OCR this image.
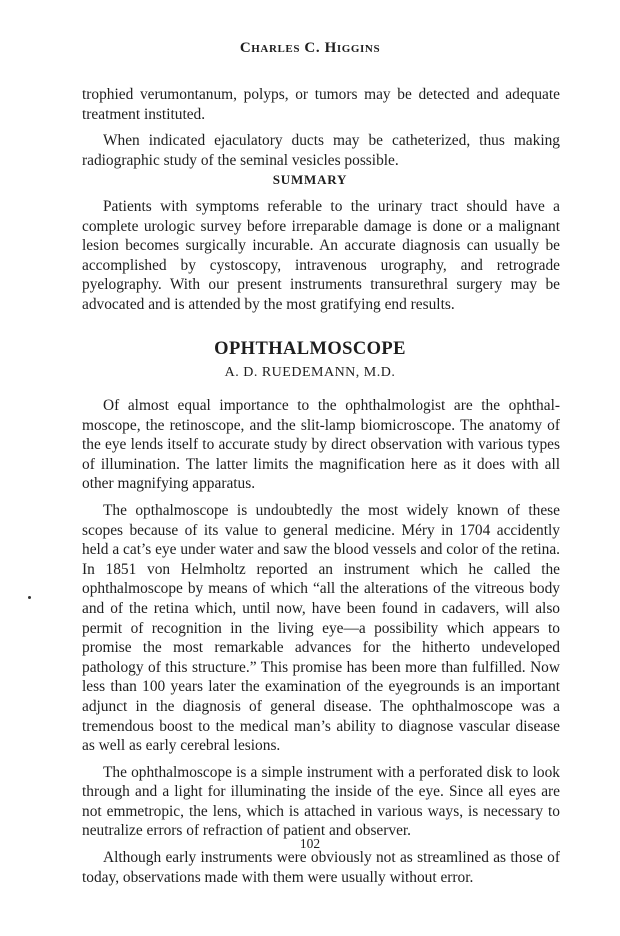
Charles C. Higgins

trophied verumontanum, polyps, or tumors may be detected and adequate treatment instituted.

When indicated ejaculatory ducts may be catheterized, thus making radiographic study of the seminal vesicles possible.

SUMMARY

Patients with symptoms referable to the urinary tract should have a complete urologic survey before irreparable damage is done or a malignant lesion becomes surgically incurable. An accurate diagnosis can usually be accomplished by cystoscopy, intravenous urography, and retrograde pyelography. With our present instruments transurethral surgery may be advocated and is attended by the most gratifying end results.

OPHTHALMOSCOPE
A. D. RUEDEMANN, M.D.

Of almost equal importance to the ophthalmologist are the ophthalmoscope, the retinoscope, and the slit-lamp biomicroscope. The anatomy of the eye lends itself to accurate study by direct observation with various types of illumination. The latter limits the magnification here as it does with all other magnifying apparatus.

The opthalmoscope is undoubtedly the most widely known of these scopes because of its value to general medicine. Méry in 1704 accidently held a cat’s eye under water and saw the blood vessels and color of the retina. In 1851 von Helmholtz reported an instrument which he called the ophthalmoscope by means of which “all the alterations of the vitreous body and of the retina which, until now, have been found in cadavers, will also permit of recognition in the living eye—a possibility which appears to promise the most remarkable advances for the hitherto undeveloped pathology of this structure.” This promise has been more than fulfilled. Now less than 100 years later the examination of the eyegrounds is an important adjunct in the diagnosis of general disease. The ophthalmoscope was a tremendous boost to the medical man’s ability to diagnose vascular disease as well as early cerebral lesions.

The ophthalmoscope is a simple instrument with a perforated disk to look through and a light for illuminating the inside of the eye. Since all eyes are not emmetropic, the lens, which is attached in various ways, is necessary to neutralize errors of refraction of patient and observer.

Although early instruments were obviously not as streamlined as those of today, observations made with them were usually without error.

102
